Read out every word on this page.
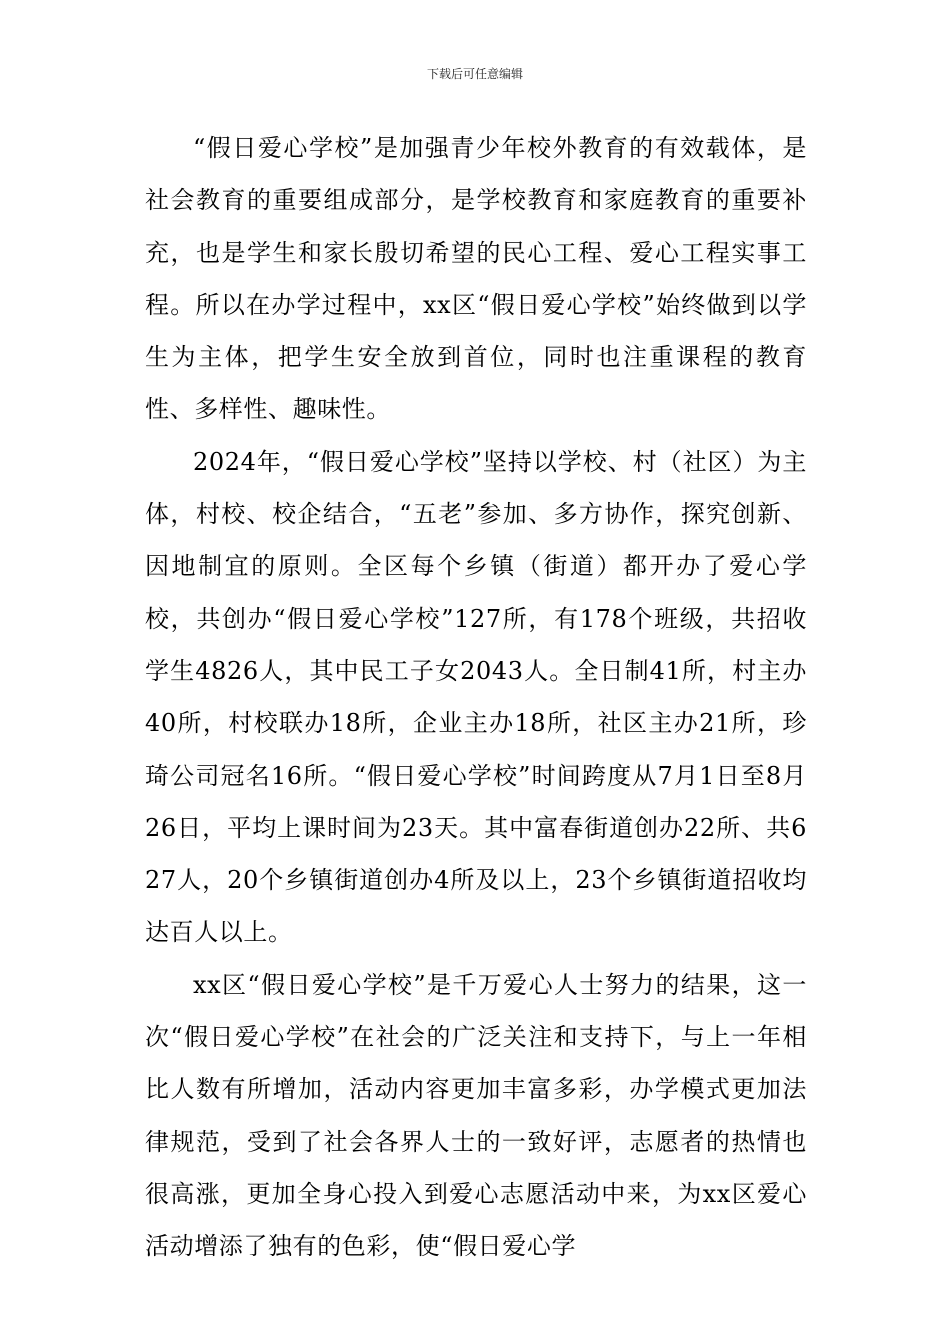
下载后可任意编辑

“假日爱心学校”是加强青少年校外教育的有效载体，是社会教育的重要组成部分，是学校教育和家庭教育的重要补充，也是学生和家长殷切希望的民心工程、爱心工程实事工程。所以在办学过程中，xx区“假日爱心学校”始终做到以学生为主体，把学生安全放到首位，同时也注重课程的教育性、多样性、趣味性。

2024年，“假日爱心学校”坚持以学校、村（社区）为主体，村校、校企结合，“五老”参加、多方协作，探究创新、因地制宜的原则。全区每个乡镇（街道）都开办了爱心学校，共创办“假日爱心学校”127所，有178个班级，共招收学生4826人，其中民工子女2043人。全日制41所，村主办40所，村校联办18所，企业主办18所，社区主办21所，珍琦公司冠名16所。“假日爱心学校”时间跨度从7月1日至8月26日，平均上课时间为23天。其中富春街道创办22所、共627人，20个乡镇街道创办4所及以上，23个乡镇街道招收均达百人以上。

xx区“假日爱心学校”是千万爱心人士努力的结果，这一次“假日爱心学校”在社会的广泛关注和支持下，与上一年相比人数有所增加，活动内容更加丰富多彩，办学模式更加法律规范，受到了社会各界人士的一致好评，志愿者的热情也很高涨，更加全身心投入到爱心志愿活动中来，为xx区爱心活动增添了独有的色彩，使“假日爱心学
